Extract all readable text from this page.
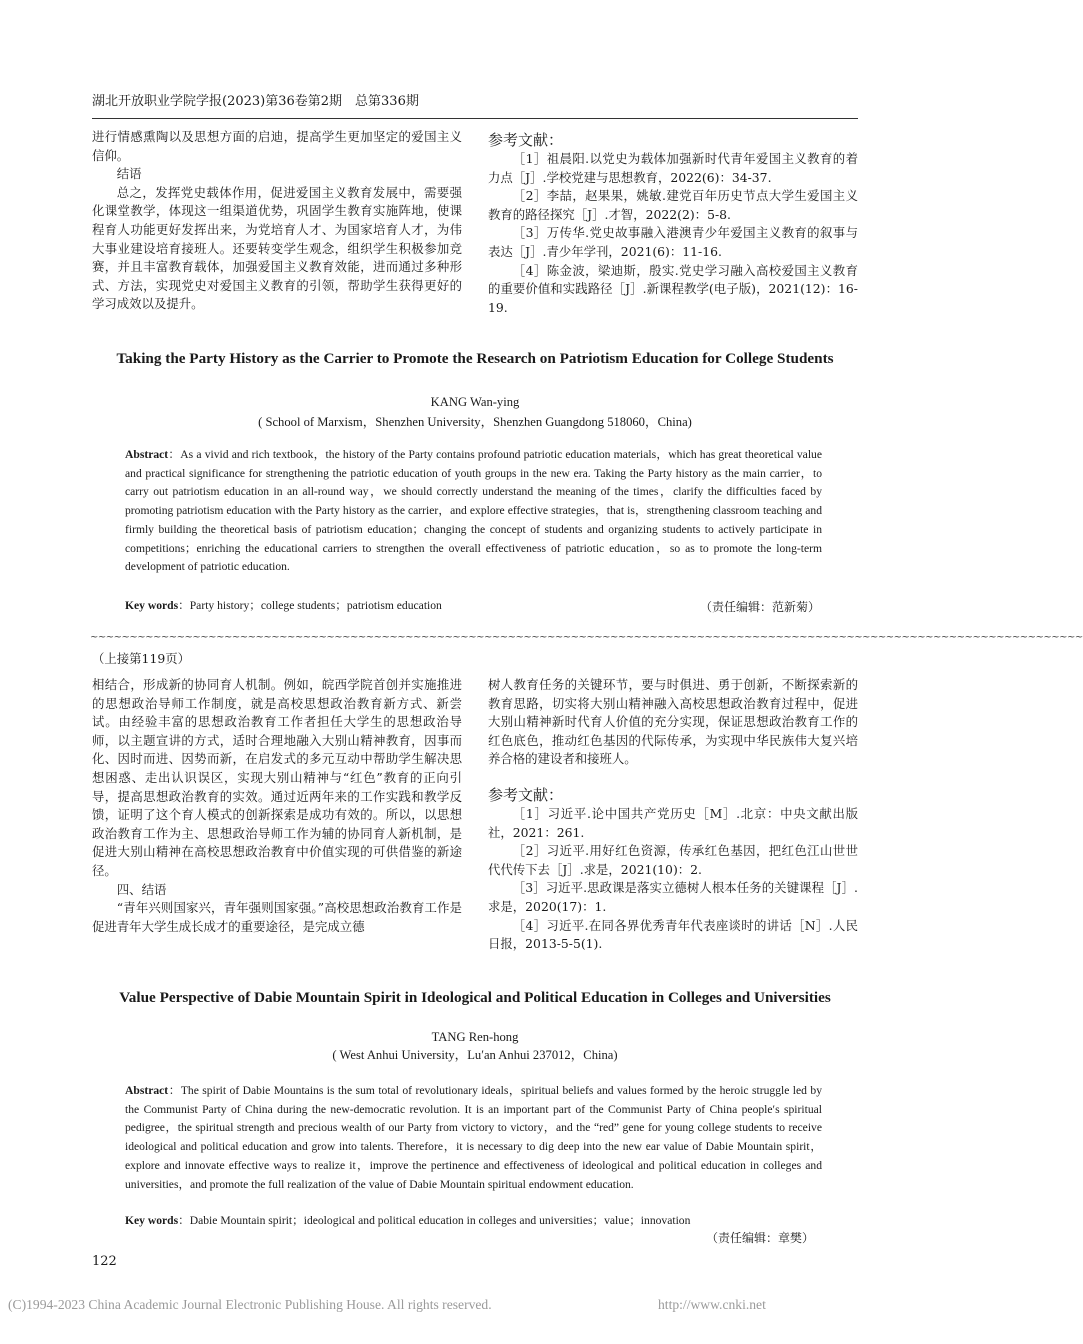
湖北开放职业学院学报(2023)第36卷第2期　总第336期

进行情感熏陶以及思想方面的启迪，提高学生更加坚定的爱国主义信仰。

结语

总之，发挥党史载体作用，促进爱国主义教育发展中，需要强化课堂教学，体现这一组渠道优势，巩固学生教育实施阵地，使课程育人功能更好发挥出来，为党培育人才、为国家培育人才，为伟大事业建设培育接班人。还要转变学生观念，组织学生积极参加竞赛，并且丰富教育载体，加强爱国主义教育效能，进而通过多种形式、方法，实现党史对爱国主义教育的引领，帮助学生获得更好的学习成效以及提升。

参考文献：

［1］祖晨阳.以党史为载体加强新时代青年爱国主义教育的着力点［J］.学校党建与思想教育，2022(6)：34-37.

［2］李喆，赵果果，姚敏.建党百年历史节点大学生爱国主义教育的路径探究［J］.才智，2022(2)：5-8.

［3］万传华.党史故事融入港澳青少年爱国主义教育的叙事与表达［J］.青少年学刊，2021(6)：11-16.

［4］陈金波，梁迪斯，殷实.党史学习融入高校爱国主义教育的重要价值和实践路径［J］.新课程教学(电子版)，2021(12)：16-19.

Taking the Party History as the Carrier to Promote the Research on Patriotism Education for College Students
KANG Wan-ying
( School of Marxism，Shenzhen University，Shenzhen Guangdong 518060，China)

Abstract：As a vivid and rich textbook，the history of the Party contains profound patriotic education materials，which has great theoretical value and practical significance for strengthening the patriotic education of youth groups in the new era. Taking the Party history as the main carrier，to carry out patriotism education in an all-round way，we should correctly understand the meaning of the times，clarify the difficulties faced by promoting patriotism education with the Party history as the carrier，and explore effective strategies，that is，strengthening classroom teaching and firmly building the theoretical basis of patriotism education；changing the concept of students and organizing students to actively participate in competitions；enriching the educational carriers to strengthen the overall effectiveness of patriotic education，so as to promote the long-term development of patriotic education.

Key words：Party history；college students；patriotism education	（责任编辑：范新菊）
~~~~~~~~~~~~~~~~~~~~~~~~~~~~~~~~~~~~~~~~~~~~~~~~~~~~~~~~~~~~~~~~~~~~~~~~~~~~~~~~~~~~~~~~~~~~~~~~~~~~~~~~~~~~~~~~~~~~~~~~~~~~~~
（上接第119页）

相结合，形成新的协同育人机制。例如，皖西学院首创并实施推进的思想政治导师工作制度，就是高校思想政治教育新方式、新尝试。由经验丰富的思想政治教育工作者担任大学生的思想政治导师，以主题宣讲的方式，适时合理地融入大别山精神教育，因事而化、因时而进、因势而新，在启发式的多元互动中帮助学生解决思想困惑、走出认识误区，实现大别山精神与“红色”教育的正向引导，提高思想政治教育的实效。通过近两年来的工作实践和教学反馈，证明了这个育人模式的创新探索是成功有效的。所以，以思想政治教育工作为主、思想政治导师工作为辅的协同育人新机制，是促进大别山精神在高校思想政治教育中价值实现的可供借鉴的新途径。

四、结语

“青年兴则国家兴，青年强则国家强。”高校思想政治教育工作是促进青年大学生成长成才的重要途径，是完成立德

树人教育任务的关键环节，要与时俱进、勇于创新，不断探索新的教育思路，切实将大别山精神融入高校思想政治教育过程中，促进大别山精神新时代育人价值的充分实现，保证思想政治教育工作的红色底色，推动红色基因的代际传承，为实现中华民族伟大复兴培养合格的建设者和接班人。

参考文献：

［1］习近平.论中国共产党历史［M］.北京：中央文献出版社，2021：261.

［2］习近平.用好红色资源，传承红色基因，把红色江山世世代代传下去［J］.求是，2021(10)：2.

［3］习近平.思政课是落实立德树人根本任务的关键课程［J］.求是，2020(17)：1.

［4］习近平.在同各界优秀青年代表座谈时的讲话［N］.人民日报，2013-5-5(1).

Value Perspective of Dabie Mountain Spirit in Ideological and Political Education in Colleges and Universities
TANG Ren-hong
( West Anhui University，Lu′an Anhui 237012，China)

Abstract：The spirit of Dabie Mountains is the sum total of revolutionary ideals，spiritual beliefs and values formed by the heroic struggle led by the Communist Party of China during the new-democratic revolution. It is an important part of the Communist Party of China people′s spiritual pedigree，the spiritual strength and precious wealth of our Party from victory to victory，and the “red” gene for young college students to receive ideological and political education and grow into talents. Therefore，it is necessary to dig deep into the new ear value of Dabie Mountain spirit，explore and innovate effective ways to realize it，improve the pertinence and effectiveness of ideological and political education in colleges and universities，and promote the full realization of the value of Dabie Mountain spiritual endowment education.

Key words：Dabie Mountain spirit；ideological and political education in colleges and universities；value；innovation
（责任编辑：章樊）
122
(C)1994-2023 China Academic Journal Electronic Publishing House. All rights reserved.	http://www.cnki.net
